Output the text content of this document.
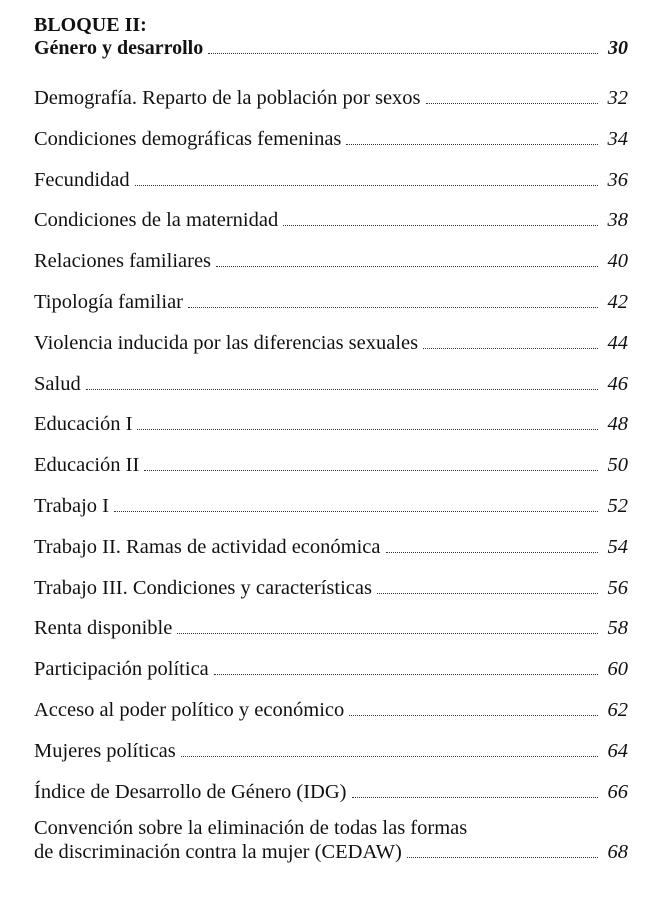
BLOQUE II:
Género y desarrollo	30
Demografía. Reparto de la población por sexos	32
Condiciones demográficas femeninas	34
Fecundidad	36
Condiciones de la maternidad	38
Relaciones familiares	40
Tipología familiar	42
Violencia inducida por las diferencias sexuales	44
Salud	46
Educación I	48
Educación II	50
Trabajo I	52
Trabajo II. Ramas de actividad económica	54
Trabajo III. Condiciones y características	56
Renta disponible	58
Participación política	60
Acceso al poder político y económico	62
Mujeres políticas	64
Índice de Desarrollo de Género (IDG)	66
Convención sobre la eliminación de todas las formas
de discriminación contra la mujer (CEDAW)	68
